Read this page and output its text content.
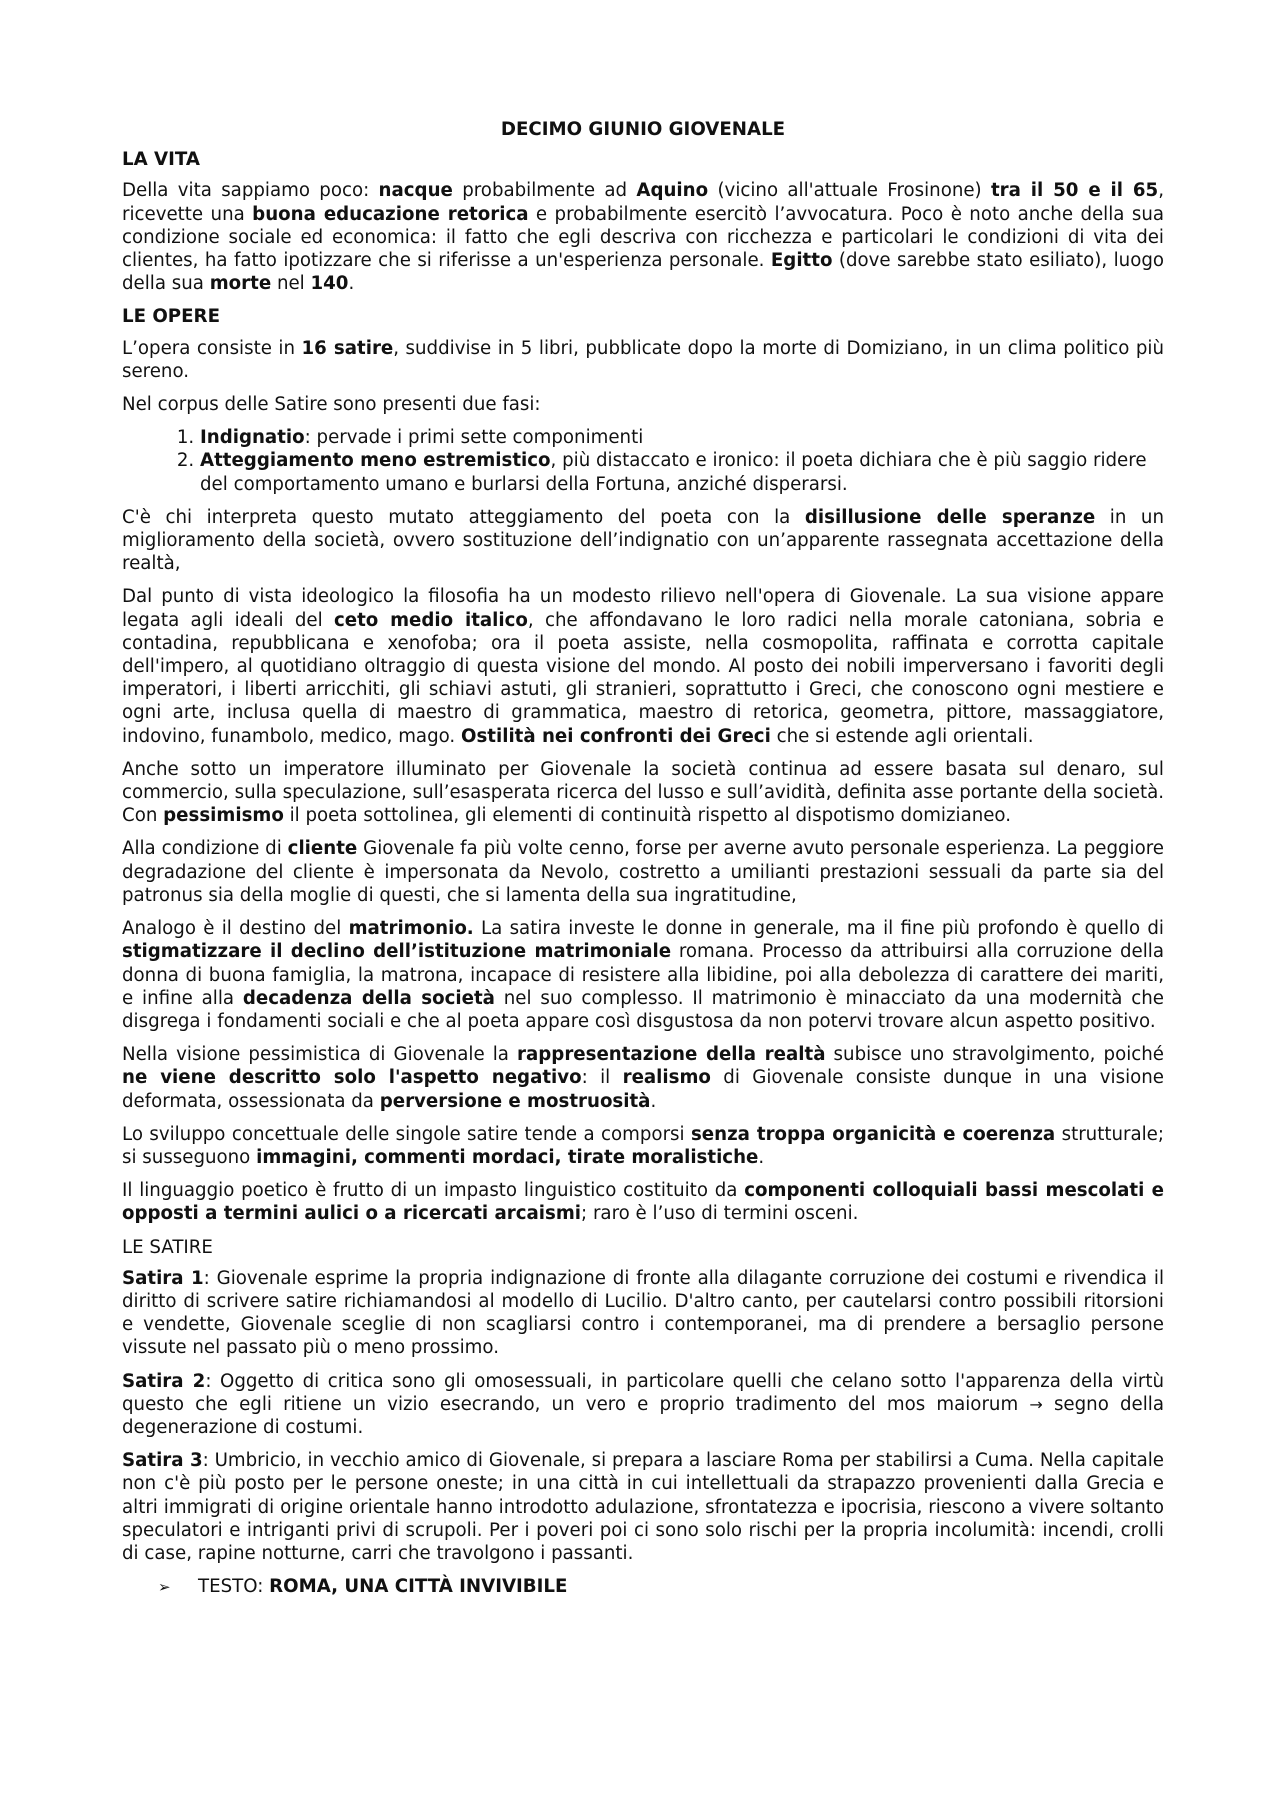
DECIMO GIUNIO GIOVENALE
LA VITA

Della vita sappiamo poco: nacque probabilmente ad Aquino (vicino all'attuale Frosinone) tra il 50 e il 65, ricevette una buona educazione retorica e probabilmente esercitò l’avvocatura. Poco è noto anche della sua condizione sociale ed economica: il fatto che egli descriva con ricchezza e particolari le condizioni di vita dei clientes, ha fatto ipotizzare che si riferisse a un'esperienza personale. Egitto (dove sarebbe stato esiliato), luogo della sua morte nel 140.

LE OPERE

L’opera consiste in 16 satire, suddivise in 5 libri, pubblicate dopo la morte di Domiziano, in un clima politico più sereno.

Nel corpus delle Satire sono presenti due fasi:

1. Indignatio: pervade i primi sette componimenti
2. Atteggiamento meno estremistico, più distaccato e ironico: il poeta dichiara che è più saggio ridere del comportamento umano e burlarsi della Fortuna, anziché disperarsi.

C'è chi interpreta questo mutato atteggiamento del poeta con la disillusione delle speranze in un miglioramento della società, ovvero sostituzione dell’indignatio con un’apparente rassegnata accettazione della realtà,

Dal punto di vista ideologico la filosofia ha un modesto rilievo nell'opera di Giovenale. La sua visione appare legata agli ideali del ceto medio italico, che affondavano le loro radici nella morale catoniana, sobria e contadina, repubblicana e xenofoba; ora il poeta assiste, nella cosmopolita, raffinata e corrotta capitale dell'impero, al quotidiano oltraggio di questa visione del mondo. Al posto dei nobili imperversano i favoriti degli imperatori, i liberti arricchiti, gli schiavi astuti, gli stranieri, soprattutto i Greci, che conoscono ogni mestiere e ogni arte, inclusa quella di maestro di grammatica, maestro di retorica, geometra, pittore, massaggiatore, indovino, funambolo, medico, mago. Ostilità nei confronti dei Greci che si estende agli orientali.

Anche sotto un imperatore illuminato per Giovenale la società continua ad essere basata sul denaro, sul commercio, sulla speculazione, sull’esasperata ricerca del lusso e sull’avidità, definita asse portante della società. Con pessimismo il poeta sottolinea, gli elementi di continuità rispetto al dispotismo domizianeo.

Alla condizione di cliente Giovenale fa più volte cenno, forse per averne avuto personale esperienza. La peggiore degradazione del cliente è impersonata da Nevolo, costretto a umilianti prestazioni sessuali da parte sia del patronus sia della moglie di questi, che si lamenta della sua ingratitudine,

Analogo è il destino del matrimonio. La satira investe le donne in generale, ma il fine più profondo è quello di stigmatizzare il declino dell’istituzione matrimoniale romana. Processo da attribuirsi alla corruzione della donna di buona famiglia, la matrona, incapace di resistere alla libidine, poi alla debolezza di carattere dei mariti, e infine alla decadenza della società nel suo complesso. Il matrimonio è minacciato da una modernità che disgrega i fondamenti sociali e che al poeta appare così disgustosa da non potervi trovare alcun aspetto positivo.

Nella visione pessimistica di Giovenale la rappresentazione della realtà subisce uno stravolgimento, poiché ne viene descritto solo l'aspetto negativo: il realismo di Giovenale consiste dunque in una visione deformata, ossessionata da perversione e mostruosità.

Lo sviluppo concettuale delle singole satire tende a comporsi senza troppa organicità e coerenza strutturale; si susseguono immagini, commenti mordaci, tirate moralistiche.

Il linguaggio poetico è frutto di un impasto linguistico costituito da componenti colloquiali bassi mescolati e opposti a termini aulici o a ricercati arcaismi; raro è l’uso di termini osceni.

LE SATIRE

Satira 1: Giovenale esprime la propria indignazione di fronte alla dilagante corruzione dei costumi e rivendica il diritto di scrivere satire richiamandosi al modello di Lucilio. D'altro canto, per cautelarsi contro possibili ritorsioni e vendette, Giovenale sceglie di non scagliarsi contro i contemporanei, ma di prendere a bersaglio persone vissute nel passato più o meno prossimo.

Satira 2: Oggetto di critica sono gli omosessuali, in particolare quelli che celano sotto l'apparenza della virtù questo che egli ritiene un vizio esecrando, un vero e proprio tradimento del mos maiorum → segno della degenerazione di costumi.

Satira 3: Umbricio, in vecchio amico di Giovenale, si prepara a lasciare Roma per stabilirsi a Cuma. Nella capitale non c'è più posto per le persone oneste; in una città in cui intellettuali da strapazzo provenienti dalla Grecia e altri immigrati di origine orientale hanno introdotto adulazione, sfrontatezza e ipocrisia, riescono a vivere soltanto speculatori e intriganti privi di scrupoli. Per i poveri poi ci sono solo rischi per la propria incolumità: incendi, crolli di case, rapine notturne, carri che travolgono i passanti.

➢	TESTO: ROMA, UNA CITTÀ INVIVIBILE
